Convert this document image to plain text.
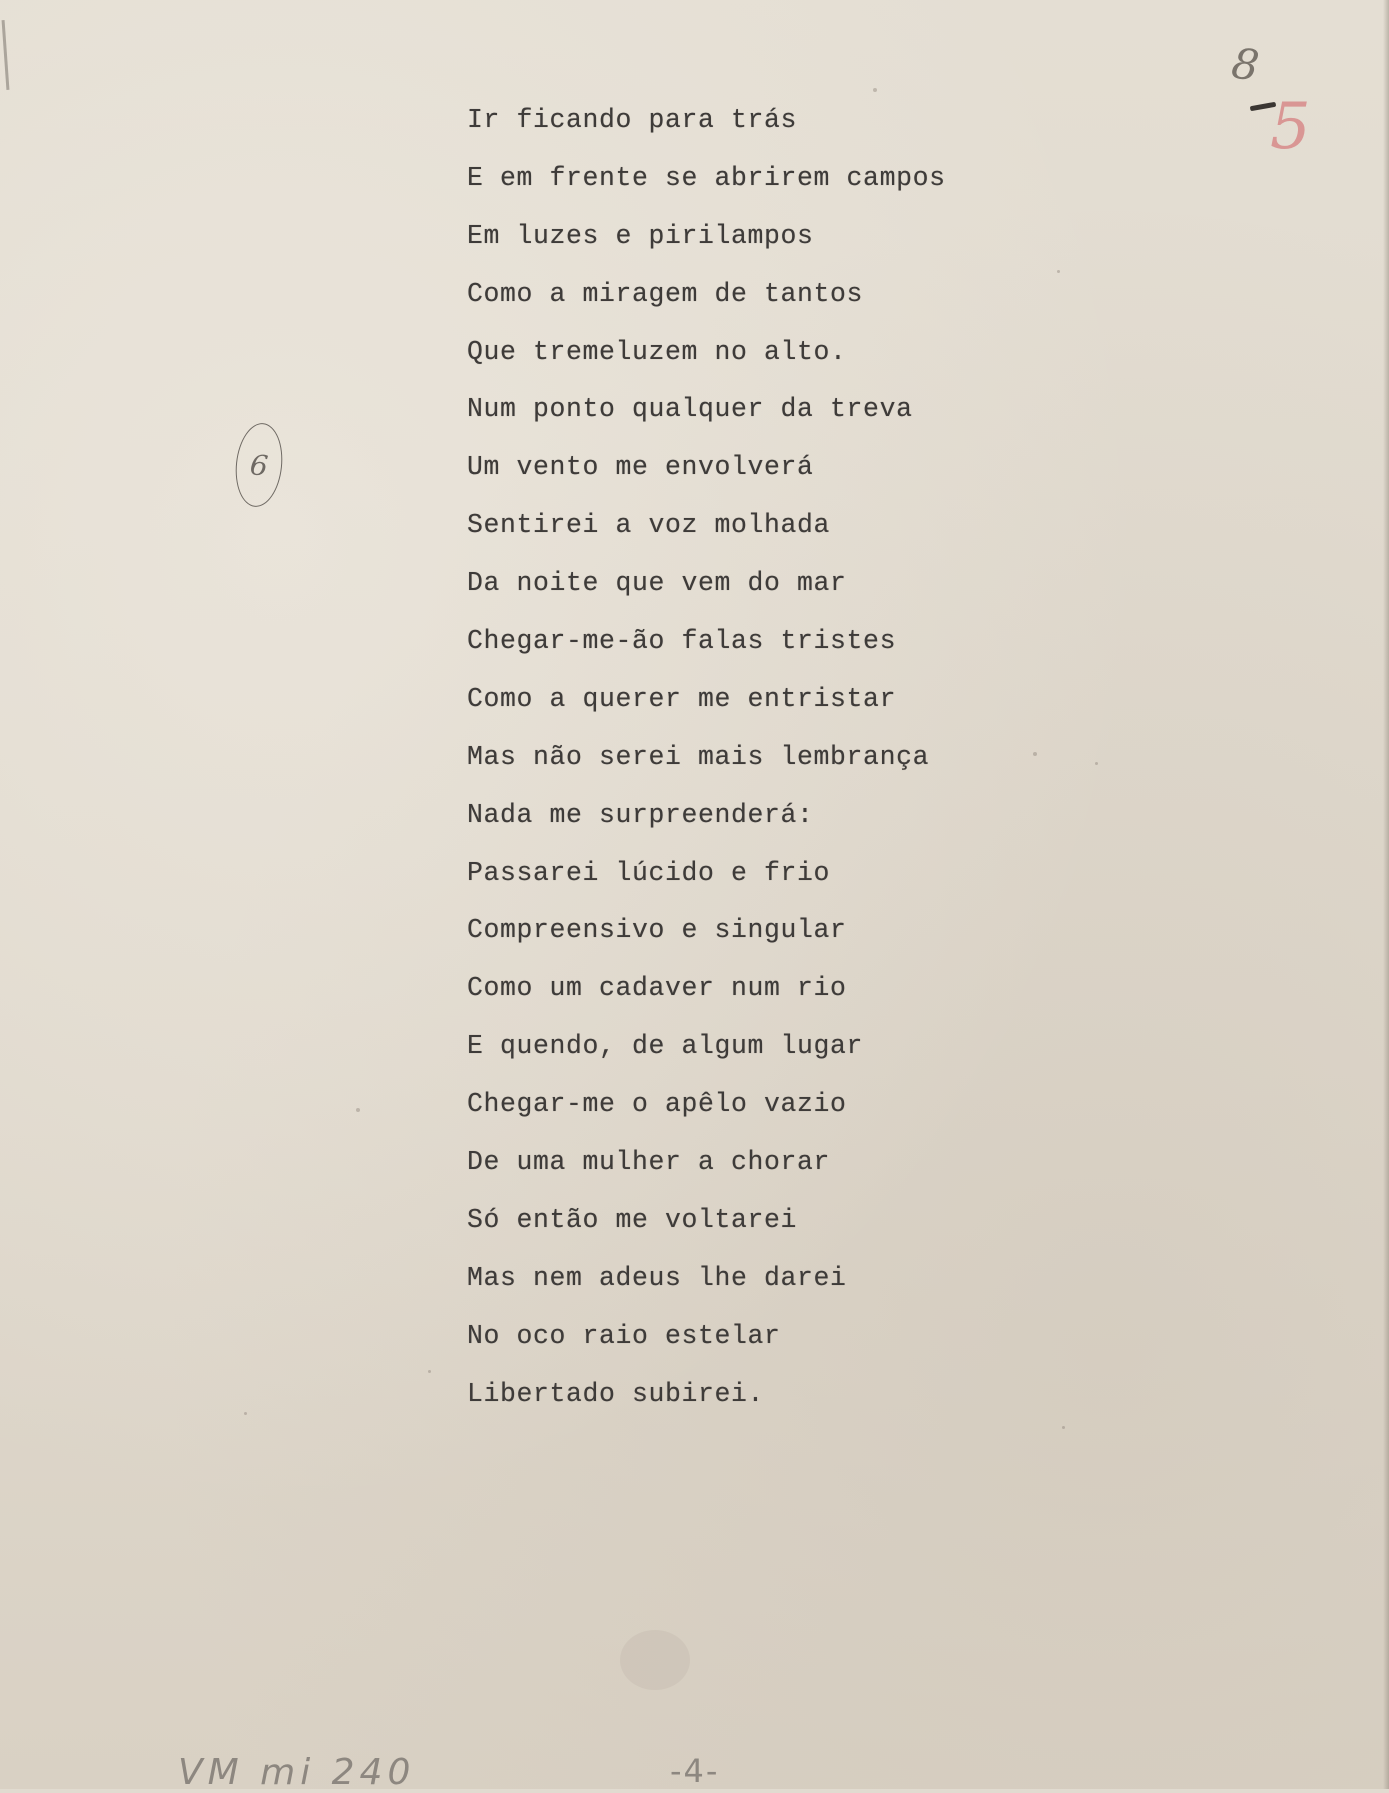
8
5
6
Ir ficando para trás
E em frente se abrirem campos
Em luzes e pirilampos
Como a miragem de tantos
Que tremeluzem no alto.
Num ponto qualquer da treva
Um vento me envolverá
Sentirei a voz molhada
Da noite que vem do mar
Chegar-me-ão falas tristes
Como a querer me entristar
Mas não serei mais lembrança
Nada me surpreenderá:
Passarei lúcido e frio
Compreensivo e singular
Como um cadaver num rio
E quendo, de algum lugar
Chegar-me o apêlo vazio
De uma mulher a chorar
Só então me voltarei
Mas nem adeus lhe darei
No oco raio estelar
Libertado subirei.
VM mi 240	-4-
